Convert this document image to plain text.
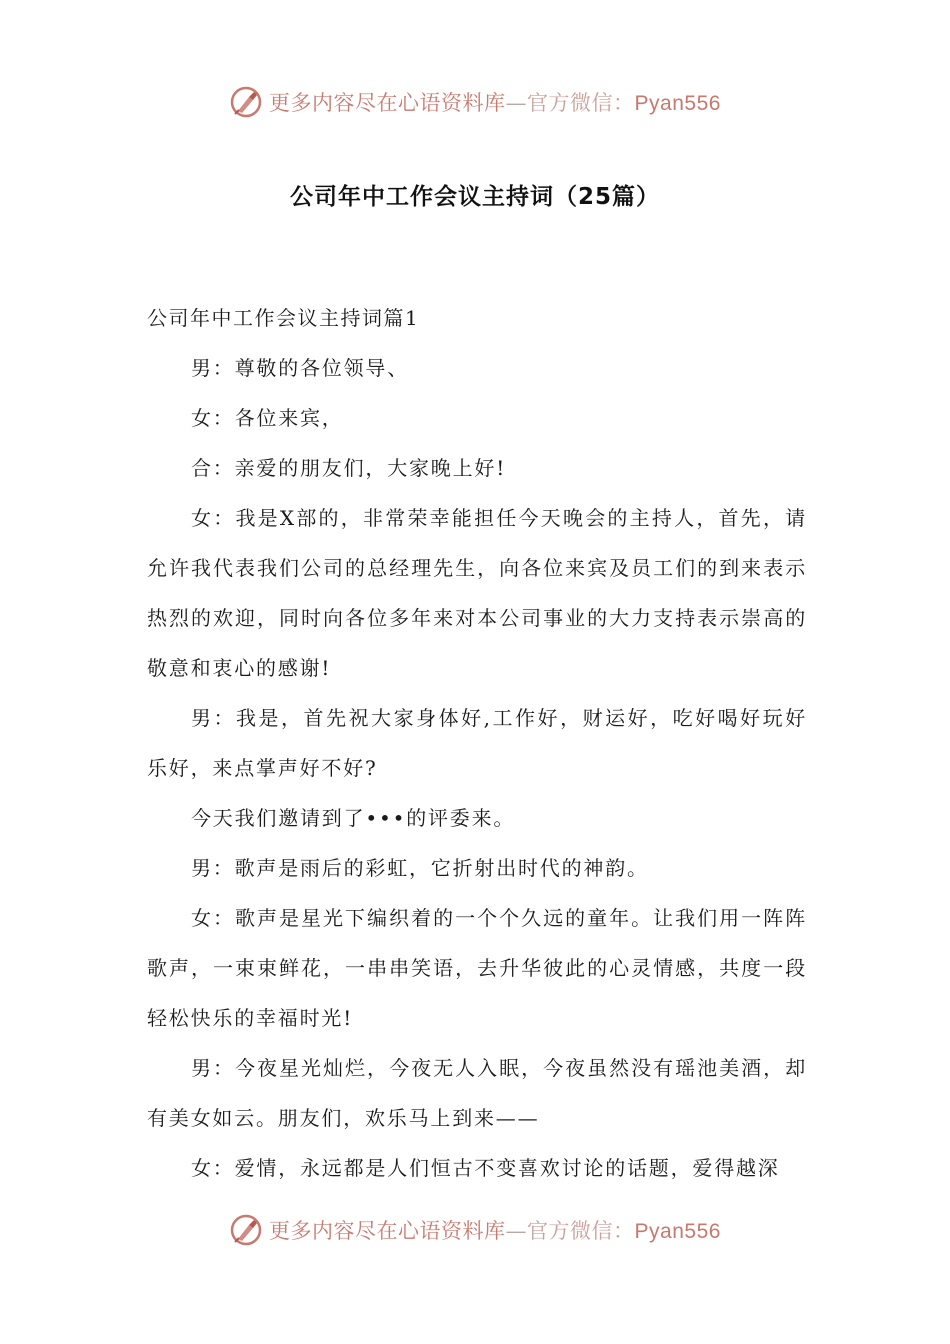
更多内容尽在心语资料库—官方微信：Pyan556
公司年中工作会议主持词（25篇）
公司年中工作会议主持词篇1

男：尊敬的各位领导、

女：各位来宾，

合：亲爱的朋友们，大家晚上好!

女：我是X部的，非常荣幸能担任今天晚会的主持人，首先，请允许我代表我们公司的总经理先生，向各位来宾及员工们的到来表示热烈的欢迎，同时向各位多年来对本公司事业的大力支持表示崇高的敬意和衷心的感谢!

男：我是，首先祝大家身体好,工作好，财运好，吃好喝好玩好乐好，来点掌声好不好?

今天我们邀请到了•••的评委来。

男：歌声是雨后的彩虹，它折射出时代的神韵。

女：歌声是星光下编织着的一个个久远的童年。让我们用一阵阵歌声，一束束鲜花，一串串笑语，去升华彼此的心灵情感，共度一段轻松快乐的幸福时光!

男：今夜星光灿烂，今夜无人入眠，今夜虽然没有瑶池美酒，却有美女如云。朋友们，欢乐马上到来——

女：爱情，永远都是人们恒古不变喜欢讨论的话题，爱得越深

更多内容尽在心语资料库—官方微信：Pyan556
